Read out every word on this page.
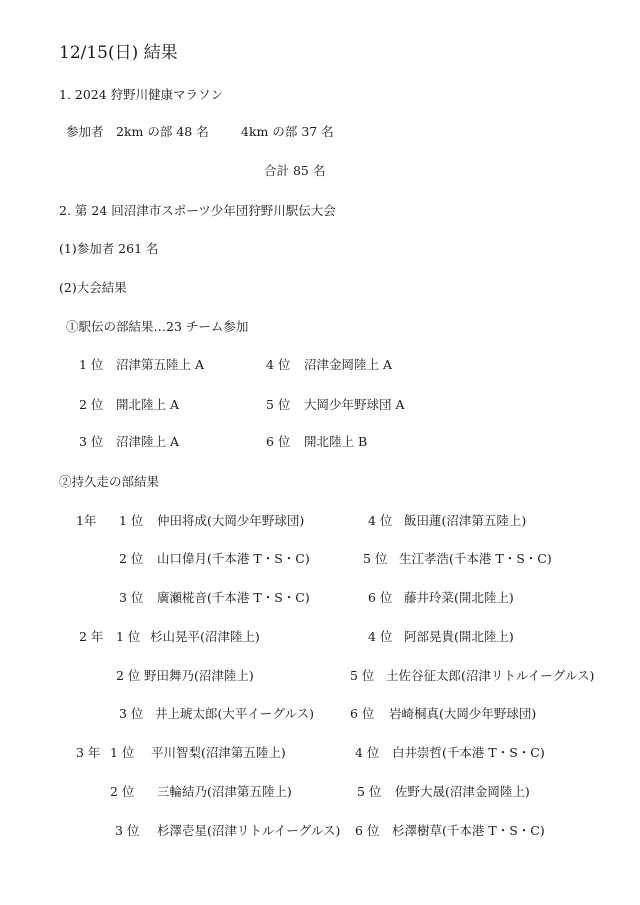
12/15(日) 結果
1. 2024 狩野川健康マラソン
参加者 2km の部 48 名	4km の部 37 名
合計 85 名
2. 第 24 回沼津市スポーツ少年団狩野川駅伝大会
(1)参加者 261 名
(2)大会結果
①駅伝の部結果…23 チーム参加
1 位 沼津第五陸上 A	4 位 沼津金岡陸上 A
2 位 開北陸上 A	5 位 大岡少年野球団 A
3 位 沼津陸上 A	6 位 開北陸上 B
②持久走の部結果
1年 1 位 仲田将成(大岡少年野球団)	4 位 飯田蓮(沼津第五陸上)
2 位 山口偉月(千本港 T・S・C)	5 位 生江孝浩(千本港 T・S・C)
3 位 廣瀬椛音(千本港 T・S・C)	6 位 藤井玲菜(開北陸上)
2 年 1 位 杉山晃平(沼津陸上)	4 位 阿部晃貴(開北陸上)
2 位 野田舞乃(沼津陸上)	5 位 土佐谷征太郎(沼津リトルイーグルス)
3 位 井上琥太郎(大平イーグルス)	6 位 岩崎桐真(大岡少年野球団)
3 年 1 位 平川智梨(沼津第五陸上)	4 位 白井崇哲(千本港 T・S・C)
2 位 三輪結乃(沼津第五陸上)	5 位 佐野大晟(沼津金岡陸上)
3 位 杉澤壱星(沼津リトルイーグルス) 6 位 杉澤樹草(千本港 T・S・C)
